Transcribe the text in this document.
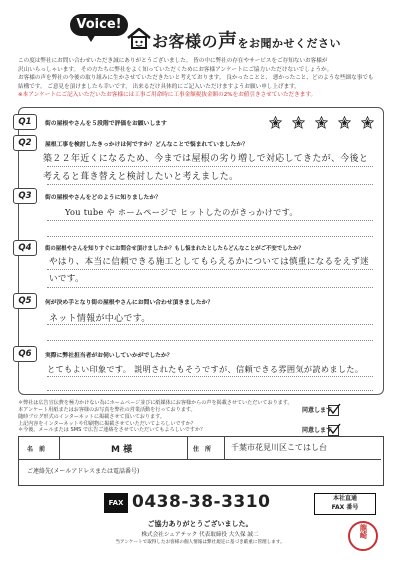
Voice!
お客様の声をお聞かせください
この度は弊社にお問い合わせいただき誠にありがとうございました。 皆の中に弊社の存在やサービスをご存知ないお客様が
沢山いらっしゃいます。 その方たちに弊社をよく知っていただくためにお客様アンケートにご協力いただけないでしょうか。
お客様の声を弊社の今後の取り組みに生かさせていただきたいと考えております。 良かったことと、 悪かったこと、どのような些細な事でも
結構です。 ご意見を頂けましたら幸いです。 出来るだけ具体的にご記入いただけますようお願い申し上げます。
※本アンケートにご記入いただいたお客様には工事ご用命時に工事金額税抜金額の2%をお値引きさせていただきます。
Q1	街の屋根やさんを５段階で評価をお願いします
Q2	屋根工事を検討したきっかけは何ですか？どんなことで悩まれていましたか？
築２２年近くになるため、今までは屋根の劣り増しで対応してきたが、今後と考えると葺き替えと検討したいと考えました。
Q3	街の屋根やさんをどのように知りましたか？
You tube や ホームページで ヒットしたのがきっかけです。
Q4	街の屋根やさんを知りすぐにお問合せ頂けましたか？もし悩まれたとしたらどんなことがご不安でしたか？
やはり、本当に信頼できる施工としてもらえるかについては慎重になるをえず迷いです。
Q5	何が決め手となり街の屋根やさんにお問い合わせ頂きましたか？
ネット情報が中心です。
Q6	実際に弊社担当者がお伺いしていかがでしたか？
とてもよい印象です。 説明されたもそうですが、信頼できる雰囲気が読めました。
＊弊社は広告宣伝費を極力かけない為にホームページ並びに紙媒体にお客様からの声を掲載させていただいております。
本アンケート用紙またはお客様のお写真を弊社の営業活動を行っております。
随時ブログ形式のインターネットに掲載させて頂いております。
上記内容をインターネットや印刷物に掲載させていただいてよろしいですか？
同意します
＊今後、メールまたは SMS で広告ご連絡をさせていただいてもよろしいですか？	同意します
名　前	M 様	住　所 千葉市花見川区こてはし台
ご連絡先(メールアドレスまたは電話番号)
FAX 0438-38-3310	本社直通
FAX 番号
ご協力ありがとうございました。
株式会社シェアテック 代表取締役 大久保 誠二
当アンケートで取得したお客様の個人情報は弊社規定に基づき厳重に管理します。
龍崎
